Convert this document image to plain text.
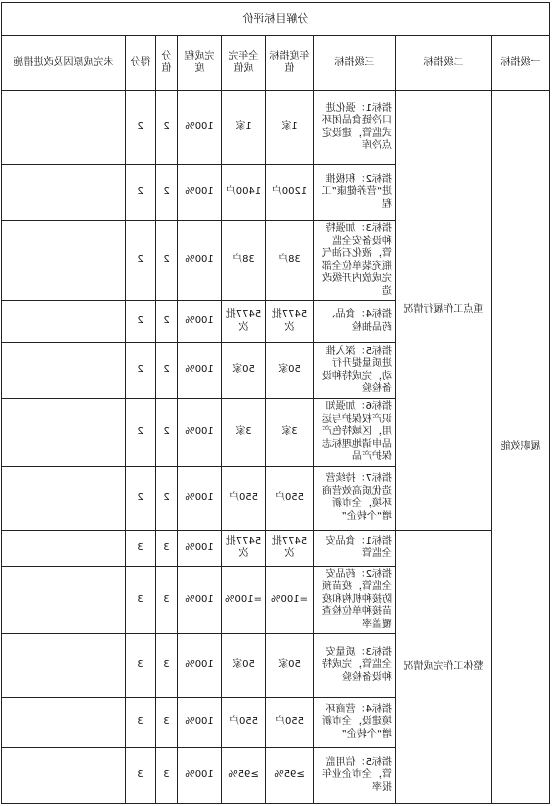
分解目标评价								
一级指标	二级指标	三级指标	年度指标值	全年完成值	完成程度	分值	得分	未完成原因及改进措施
履职效能	重点工作履行情况	指标1：强化进口冷链食品闭环式监管，建设定点冷库	1家	1家	100%	2	2	
		指标2：积极推进“营养健康”工程	1200户	1400户	100%	2	2	
		指标3：加强特种设备安全监管，液化石油气瓶充装单位全部完成放内开级改造	38户	38户	100%	2	2	
		指标4：食品、药品抽检	5477批次	5477批次	100%	2	2	
		指标5：深入推进质量提升行动，完成特种设备检验	50家	50家	100%	2	2	
		指标6：加强知识产权保护与运用，区域特色产品申请地理标志保护产品	3家	3家	100%	2	2	
		指标7：持续营造优质高效营商环境，全市新增“个转企”	550户	550户	100%	2	2	
	整体工作完成情况	指标1：食品安全监管	5477批次	5477批次	100%	3	3	
		指标2：药品安全监管，疫苗预防接种机构和疫苗接种单位检查覆盖率	=100%	=100%	100%	3	3	
		指标3：质量安全监管，完成特种设备检验	50家	50家	100%	3	3	
		指标4：营商环境建设，全市新增“个转企”	550户	550户	100%	3	3	
		指标5：信用监管，全市企业年报率	≥95%	≥95%	100%	3	3	
